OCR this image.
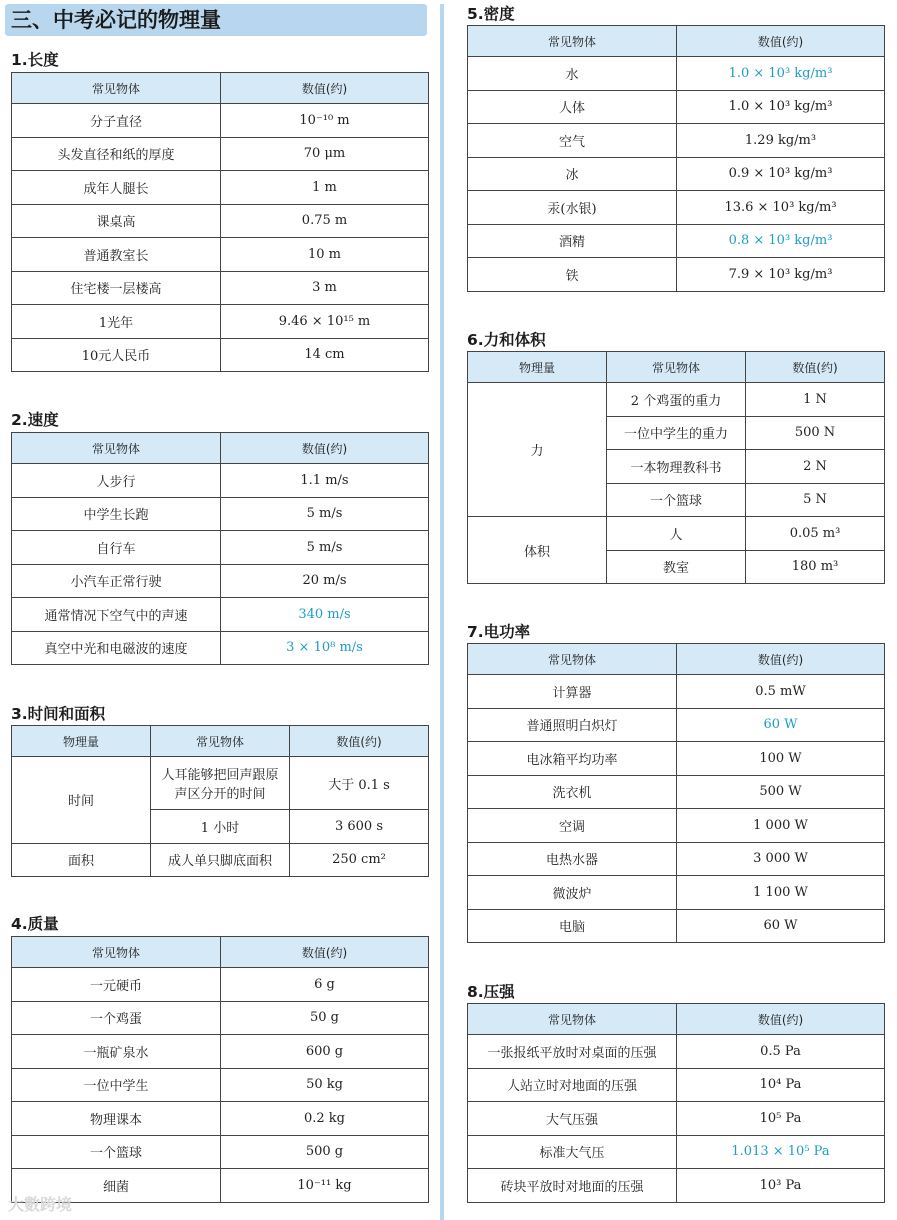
三、中考必记的物理量
1.长度
常见物体	数值(约)
分子直径	10⁻¹⁰ m
头发直径和纸的厚度	70 μm
成年人腿长	1 m
课桌高	0.75 m
普通教室长	10 m
住宅楼一层楼高	3 m
1光年	9.46 × 10¹⁵ m
10元人民币	14 cm
2.速度
常见物体	数值(约)
人步行	1.1 m/s
中学生长跑	5 m/s
自行车	5 m/s
小汽车正常行驶	20 m/s
通常情况下空气中的声速	340 m/s
真空中光和电磁波的速度	3 × 10⁸ m/s
3.时间和面积
物理量	常见物体	数值(约)
时间	人耳能够把回声跟原声区分开的时间	大于 0.1 s
	1 小时	3 600 s
面积	成人单只脚底面积	250 cm²
4.质量
常见物体	数值(约)
一元硬币	6 g
一个鸡蛋	50 g
一瓶矿泉水	600 g
一位中学生	50 kg
物理课本	0.2 kg
一个篮球	500 g
细菌	10⁻¹¹ kg
5.密度
常见物体	数值(约)
水	1.0 × 10³ kg/m³
人体	1.0 × 10³ kg/m³
空气	1.29 kg/m³
冰	0.9 × 10³ kg/m³
汞(水银)	13.6 × 10³ kg/m³
酒精	0.8 × 10³ kg/m³
铁	7.9 × 10³ kg/m³
6.力和体积
物理量	常见物体	数值(约)
力	2 个鸡蛋的重力	1 N
	一位中学生的重力	500 N
	一本物理教科书	2 N
	一个篮球	5 N
体积	人	0.05 m³
	教室	180 m³
7.电功率
常见物体	数值(约)
计算器	0.5 mW
普通照明白炽灯	60 W
电冰箱平均功率	100 W
洗衣机	500 W
空调	1 000 W
电热水器	3 000 W
微波炉	1 100 W
电脑	60 W
8.压强
常见物体	数值(约)
一张报纸平放时对桌面的压强	0.5 Pa
人站立时对地面的压强	10⁴ Pa
大气压强	10⁵ Pa
标准大气压	1.013 × 10⁵ Pa
砖块平放时对地面的压强	10³ Pa
大數跨境
